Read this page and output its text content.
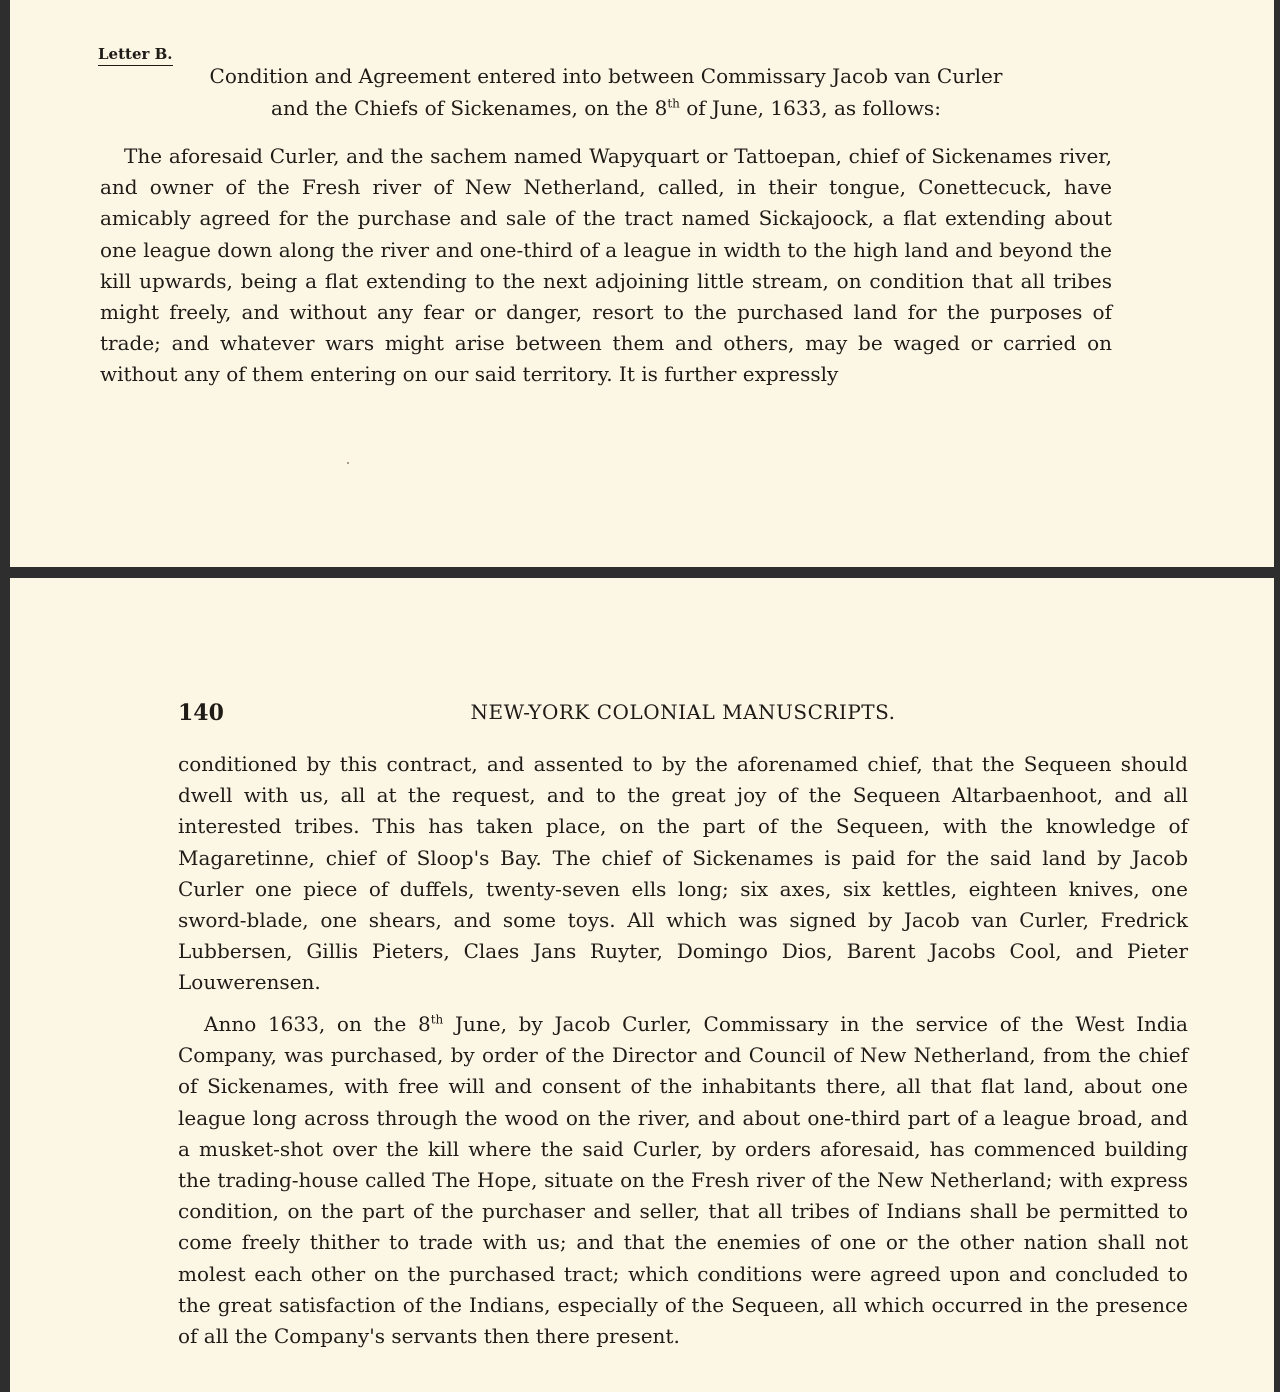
Letter B.
Condition and Agreement entered into between Commissary Jacob van Curler
and the Chiefs of Sickenames, on the 8th of June, 1633, as follows:

The aforesaid Curler, and the sachem named Wapyquart or Tattoepan, chief of Sickenames river, and owner of the Fresh river of New Netherland, called, in their tongue, Conettecuck, have amicably agreed for the purchase and sale of the tract named Sickajoock, a flat extending about one league down along the river and one-third of a league in width to the high land and beyond the kill upwards, being a flat extending to the next adjoining little stream, on condition that all tribes might freely, and without any fear or danger, resort to the purchased land for the purposes of trade; and whatever wars might arise between them and others, may be waged or carried on without any of them entering on our said territory. It is further expressly

140	NEW-YORK COLONIAL MANUSCRIPTS.

conditioned by this contract, and assented to by the aforenamed chief, that the Sequeen should dwell with us, all at the request, and to the great joy of the Sequeen Altarbaenhoot, and all interested tribes. This has taken place, on the part of the Sequeen, with the knowledge of Magaretinne, chief of Sloop's Bay. The chief of Sickenames is paid for the said land by Jacob Curler one piece of duffels, twenty-seven ells long; six axes, six kettles, eighteen knives, one sword-blade, one shears, and some toys. All which was signed by Jacob van Curler, Fredrick Lubbersen, Gillis Pieters, Claes Jans Ruyter, Domingo Dios, Barent Jacobs Cool, and Pieter Louwerensen.

Anno 1633, on the 8th June, by Jacob Curler, Commissary in the service of the West India Company, was purchased, by order of the Director and Council of New Netherland, from the chief of Sickenames, with free will and consent of the inhabitants there, all that flat land, about one league long across through the wood on the river, and about one-third part of a league broad, and a musket-shot over the kill where the said Curler, by orders aforesaid, has commenced building the trading-house called The Hope, situate on the Fresh river of the New Netherland; with express condition, on the part of the purchaser and seller, that all tribes of Indians shall be permitted to come freely thither to trade with us; and that the enemies of one or the other nation shall not molest each other on the purchased tract; which conditions were agreed upon and concluded to the great satisfaction of the Indians, especially of the Sequeen, all which occurred in the presence of all the Company's servants then there present.
